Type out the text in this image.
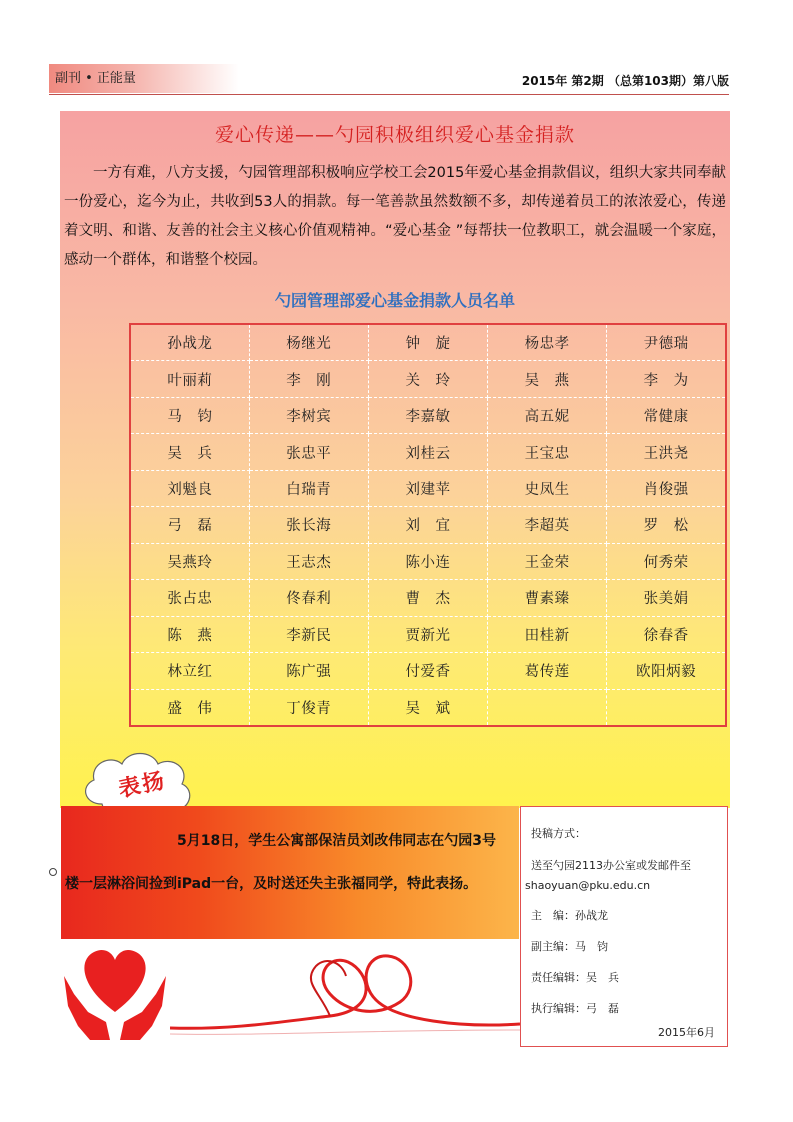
副刊 • 正能量	2015年 第2期 （总第103期）第八版
爱心传递——勺园积极组织爱心基金捐款

一方有难，八方支援，勺园管理部积极响应学校工会2015年爱心基金捐款倡议，组织大家共同奉献一份爱心，迄今为止，共收到53人的捐款。每一笔善款虽然数额不多，却传递着员工的浓浓爱心，传递着文明、和谐、友善的社会主义核心价值观精神。“爱心基金 ”每帮扶一位教职工，就会温暖一个家庭，感动一个群体，和谐整个校园。

勺园管理部爱心基金捐款人员名单
孙战龙	杨继光	钟　旋	杨忠孝	尹德瑞
叶丽莉	李　刚	关　玲	吴　燕	李　为
马　钧	李树宾	李嘉敏	高五妮	常健康
吴　兵	张忠平	刘桂云	王宝忠	王洪尧
刘魁良	白瑞青	刘建苹	史凤生	肖俊强
弓　磊	张长海	刘　宜	李超英	罗　松
吴燕玲	王志杰	陈小连	王金荣	何秀荣
张占忠	佟春利	曹　杰	曹素臻	张美娟
陈　燕	李新民	贾新光	田桂新	徐春香
林立红	陈广强	付爱香	葛传莲	欧阳炳毅
盛　伟	丁俊青	吴　斌		
表扬

5月18日，学生公寓部保洁员刘改伟同志在勺园3号楼一层淋浴间捡到iPad一台，及时送还失主张福同学，特此表扬。

投稿方式：
送至勺园2113办公室或发邮件至
shaoyuan@pku.edu.cn
主　编：孙战龙
副主编：马　钧
责任编辑：吴　兵
执行编辑：弓　磊
2015年6月
